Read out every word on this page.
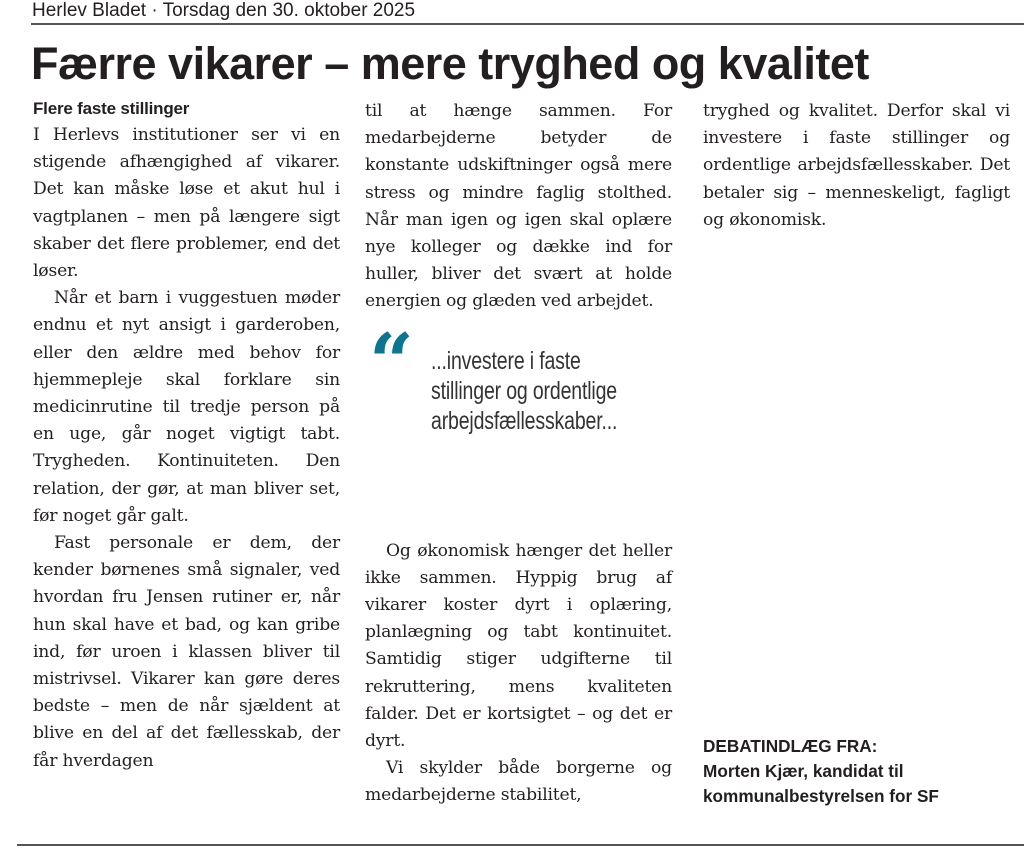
Herlev Bladet · Torsdag den 30. oktober 2025
Færre vikarer – mere tryghed og kvalitet
Flere faste stillinger

I Herlevs institutioner ser vi en stigende afhængighed af vikarer. Det kan måske løse et akut hul i vagtplanen – men på længere sigt skaber det flere problemer, end det løser.

Når et barn i vuggestuen møder endnu et nyt ansigt i garderoben, eller den ældre med behov for hjemmepleje skal forklare sin medicinrutine til tredje person på en uge, går noget vigtigt tabt. Trygheden. Kontinuiteten. Den relation, der gør, at man bliver set, før noget går galt.

Fast personale er dem, der kender børnenes små signaler, ved hvordan fru Jensen rutiner er, når hun skal have et bad, og kan gribe ind, før uroen i klassen bliver til mistrivsel. Vikarer kan gøre deres bedste – men de når sjældent at blive en del af det fællesskab, der får hverdagen

til at hænge sammen. For medarbejderne betyder de konstante udskiftninger også mere stress og mindre faglig stolthed. Når man igen og igen skal oplære nye kolleger og dække ind for huller, bliver det svært at holde energien og glæden ved arbejdet.

“ ...investere i faste
stillinger og ordentlige
arbejdsfællesskaber...

Og økonomisk hænger det heller ikke sammen. Hyppig brug af vikarer koster dyrt i oplæring, planlægning og tabt kontinuitet. Samtidig stiger udgifterne til rekruttering, mens kvaliteten falder. Det er kortsigtet – og det er dyrt.

Vi skylder både borgerne og medarbejderne stabilitet,

tryghed og kvalitet. Derfor skal vi investere i faste stillinger og ordentlige arbejdsfællesskaber. Det betaler sig – menneskeligt, fagligt og økonomisk.

DEBATINDLÆG FRA:
Morten Kjær, kandidat til
kommunalbestyrelsen for SF
